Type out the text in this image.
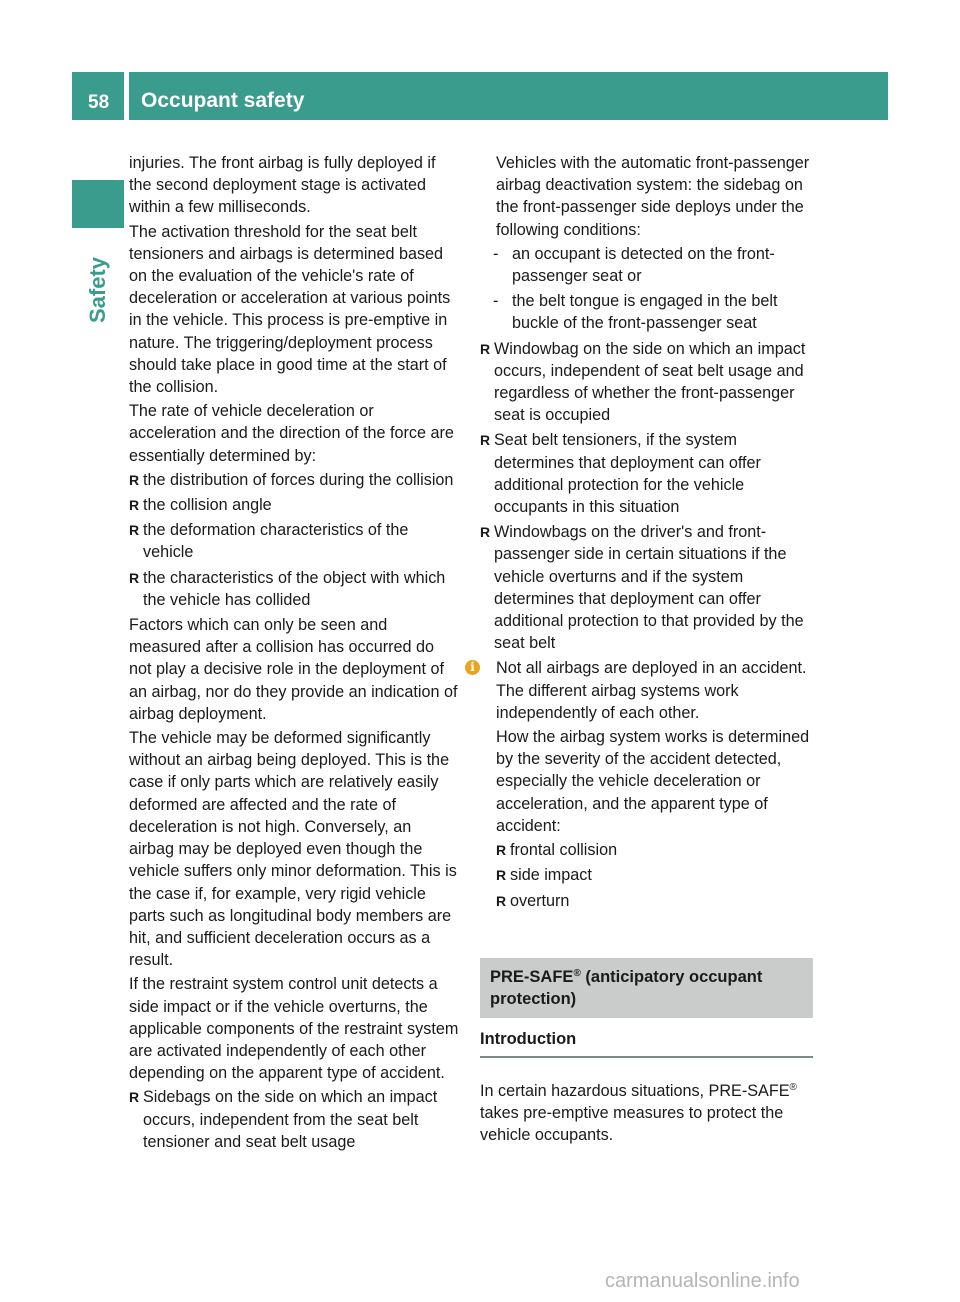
58 Occupant safety
Safety

injuries. The front airbag is fully deployed if the second deployment stage is activated within a few milliseconds.

The activation threshold for the seat belt tensioners and airbags is determined based on the evaluation of the vehicle's rate of deceleration or acceleration at various points in the vehicle. This process is pre-emptive in nature. The triggering/deployment process should take place in good time at the start of the collision.

The rate of vehicle deceleration or acceleration and the direction of the force are essentially determined by:

R the distribution of forces during the collision
R the collision angle
R the deformation characteristics of the vehicle
R the characteristics of the object with which the vehicle has collided

Factors which can only be seen and measured after a collision has occurred do not play a decisive role in the deployment of an airbag, nor do they provide an indication of airbag deployment.

The vehicle may be deformed significantly without an airbag being deployed. This is the case if only parts which are relatively easily deformed are affected and the rate of deceleration is not high. Conversely, an airbag may be deployed even though the vehicle suffers only minor deformation. This is the case if, for example, very rigid vehicle parts such as longitudinal body members are hit, and sufficient deceleration occurs as a result.

If the restraint system control unit detects a side impact or if the vehicle overturns, the applicable components of the restraint system are activated independently of each other depending on the apparent type of accident.

R Sidebags on the side on which an impact occurs, independent from the seat belt tensioner and seat belt usage

Vehicles with the automatic front-passenger airbag deactivation system: the sidebag on the front-passenger side deploys under the following conditions:

- an occupant is detected on the front-passenger seat or
- the belt tongue is engaged in the belt buckle of the front-passenger seat
R Windowbag on the side on which an impact occurs, independent of seat belt usage and regardless of whether the front-passenger seat is occupied
R Seat belt tensioners, if the system determines that deployment can offer additional protection for the vehicle occupants in this situation
R Windowbags on the driver's and front-passenger side in certain situations if the vehicle overturns and if the system determines that deployment can offer additional protection to that provided by the seat belt
i	Not all airbags are deployed in an accident. The different airbag systems work independently of each other.

How the airbag system works is determined by the severity of the accident detected, especially the vehicle deceleration or acceleration, and the apparent type of accident:

R frontal collision
R side impact
R overturn
PRE-SAFE® (anticipatory occupant protection)
Introduction

In certain hazardous situations, PRE-SAFE® takes pre-emptive measures to protect the vehicle occupants.

carmanualsonline.info
